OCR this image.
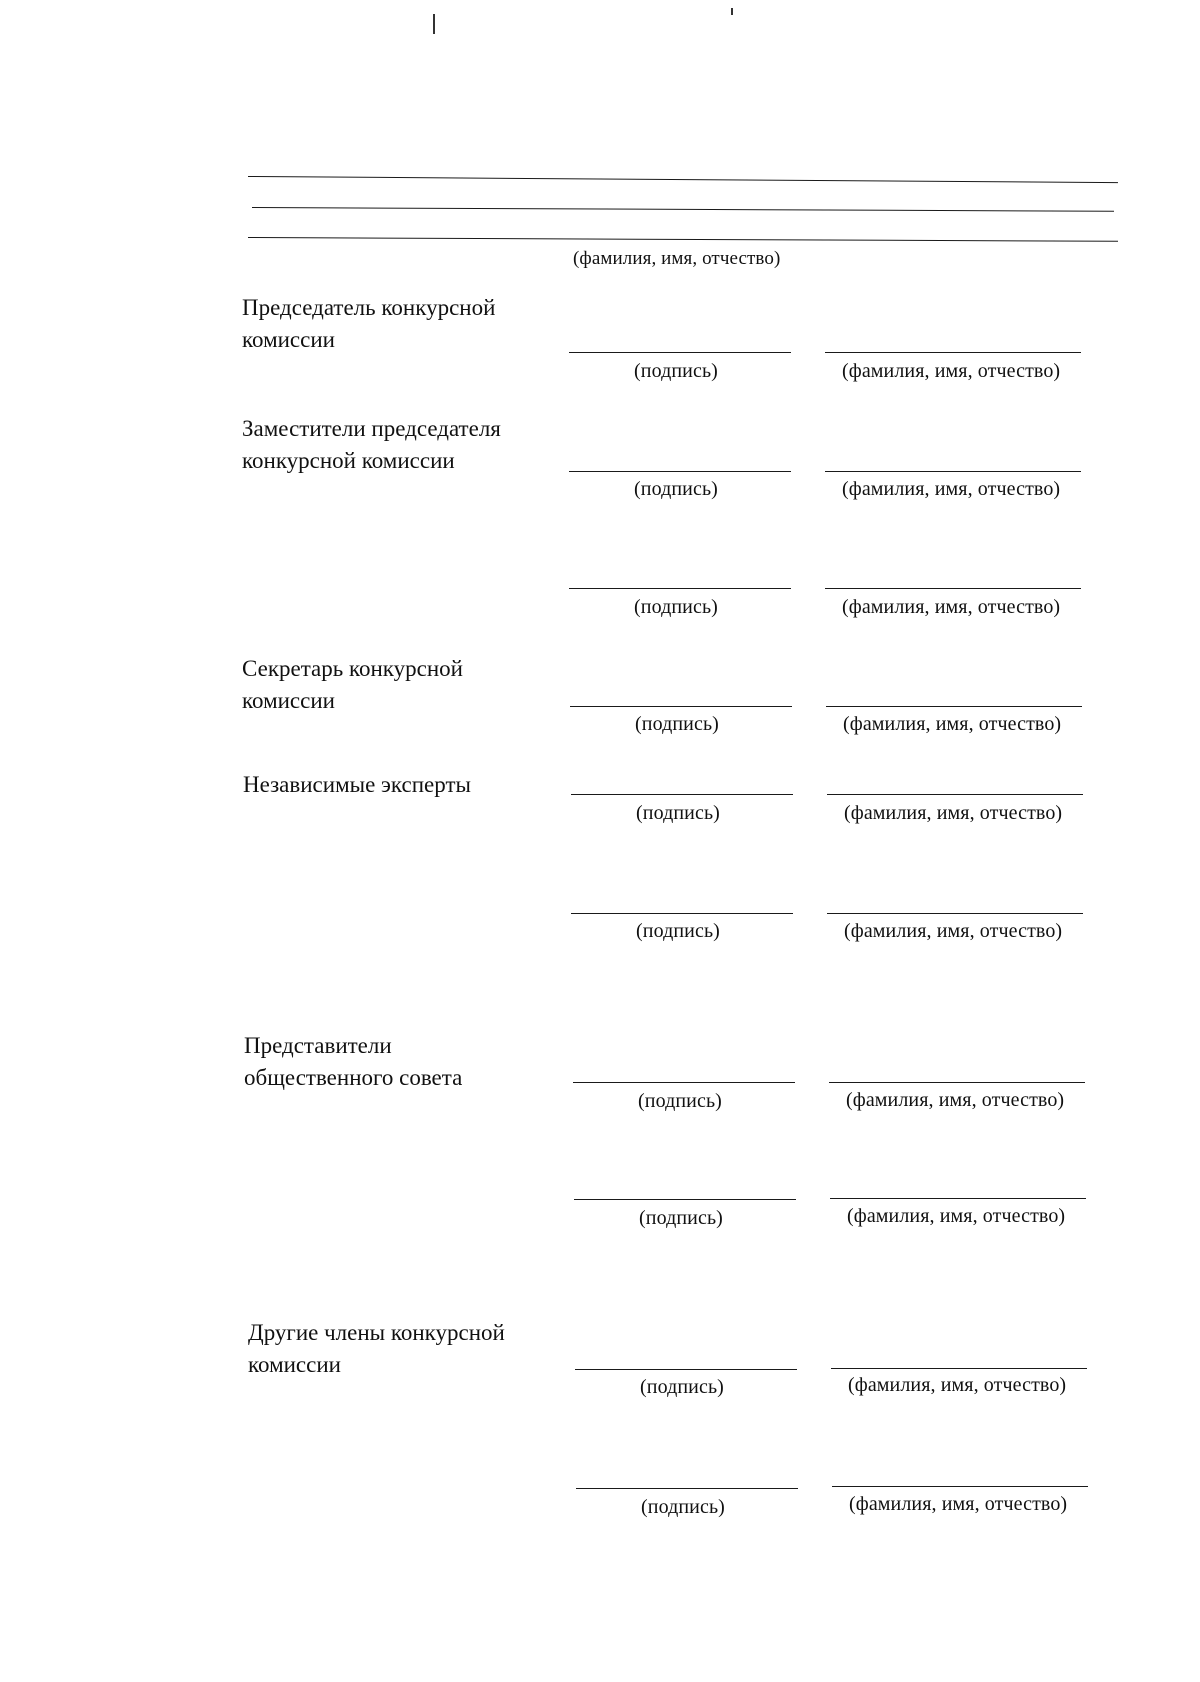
(фамилия, имя, отчество)
Председатель конкурсной
комиссии
(подпись)	(фамилия, имя, отчество)
Заместители председателя
конкурсной комиссии
(подпись)	(фамилия, имя, отчество)
(подпись)	(фамилия, имя, отчество)
Секретарь конкурсной
комиссии
(подпись)	(фамилия, имя, отчество)
Независимые эксперты
(подпись)	(фамилия, имя, отчество)
(подпись)	(фамилия, имя, отчество)
Представители
общественного совета
(подпись)	(фамилия, имя, отчество)
(подпись)	(фамилия, имя, отчество)
Другие члены конкурсной
комиссии
(подпись)	(фамилия, имя, отчество)
(подпись)	(фамилия, имя, отчество)
